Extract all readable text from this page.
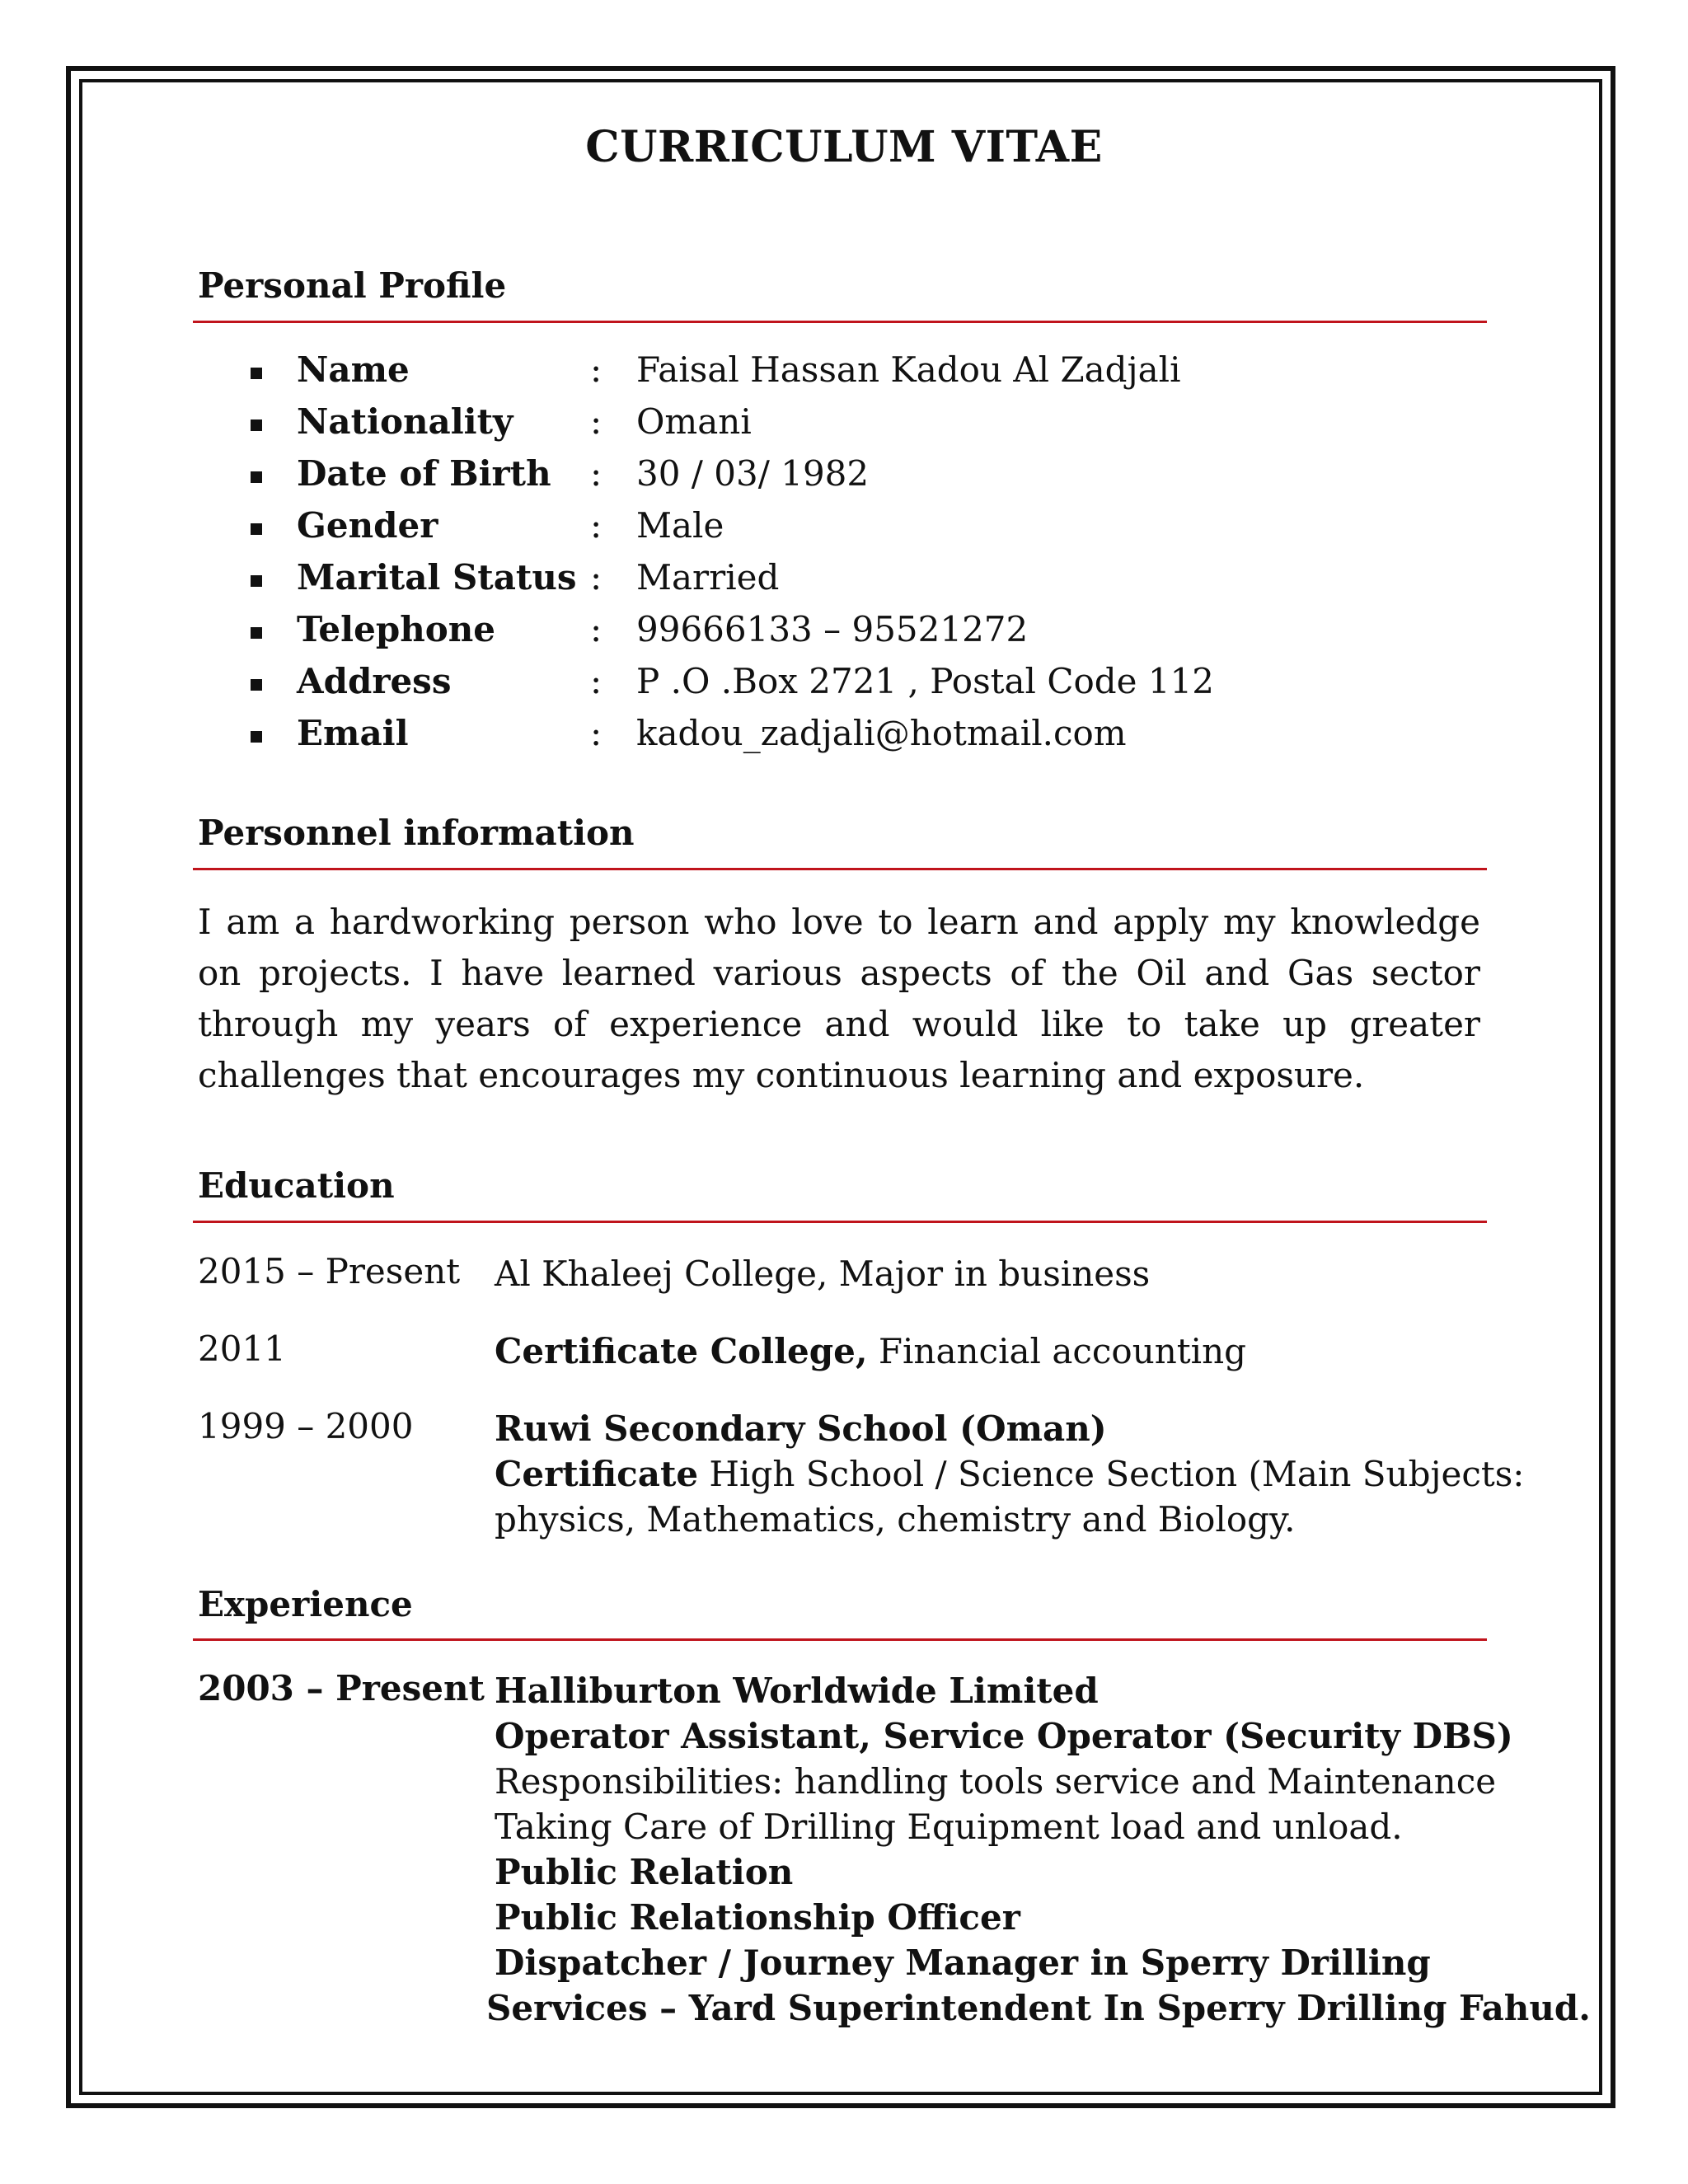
CURRICULUM VITAE
Personal Profile
Name	: Faisal Hassan Kadou Al Zadjali
Nationality : Omani
Date of Birth : 30 / 03/ 1982
Gender	: Male
Marital Status : Married
Telephone	: 99666133 – 95521272
Address	: P .O .Box 2721 , Postal Code 112
Email	: kadou_zadjali@hotmail.com
Personnel information
I am a hardworking person who love to learn and apply my knowledge on projects. I have learned various aspects of the Oil and Gas sector through my years of experience and would like to take up greater challenges that encourages my continuous learning and exposure.
Education
2015 – Present Al Khaleej College, Major in business
2011	Certificate College, Financial accounting
1999 – 2000 Ruwi Secondary School (Oman)
Certificate High School / Science Section (Main Subjects:
physics, Mathematics, chemistry and Biology.
Experience
2003 – Present Halliburton Worldwide Limited
Operator Assistant, Service Operator (Security DBS)
Responsibilities: handling tools service and Maintenance
Taking Care of Drilling Equipment load and unload.
Public Relation
Public Relationship Officer
Dispatcher / Journey Manager in Sperry Drilling
Services – Yard Superintendent In Sperry Drilling Fahud.
